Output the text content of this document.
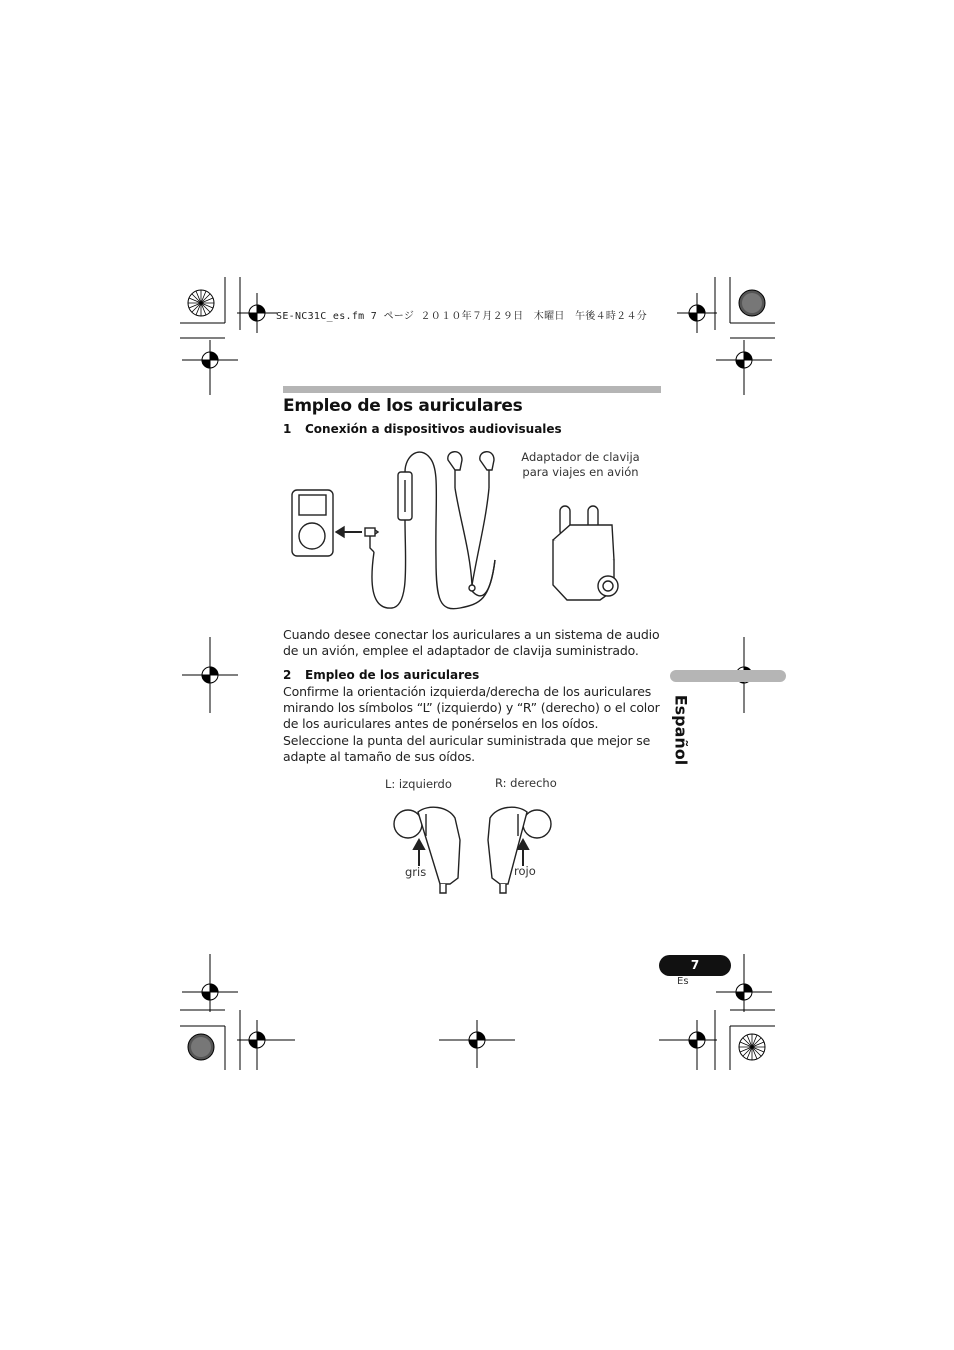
SE-NC31C_es.fm 7 ページ ２０１０年７月２９日　木曜日　午後４時２４分
Empleo de los auriculares
1 Conexión a dispositivos audiovisuales
Adaptador de clavija para viajes en avión
Cuando desee conectar los auriculares a un sistema de audio de un avión, emplee el adaptador de clavija suministrado.
2 Empleo de los auriculares
Confirme la orientación izquierda/derecha de los auriculares mirando los símbolos “L” (izquierdo) y “R” (derecho) o el color de los auriculares antes de ponérselos en los oídos. Seleccione la punta del auricular suministrada que mejor se adapte al tamaño de sus oídos.	Español
L: izquierdo	R: derecho
gris	rojo
7
Es
